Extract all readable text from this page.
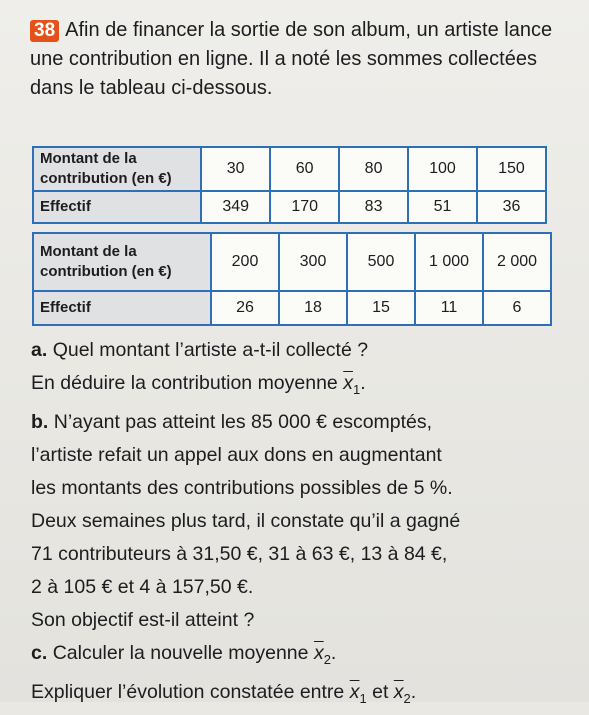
38 Afin de financer la sortie de son album, un artiste lance une contribution en ligne. Il a noté les sommes collectées dans le tableau ci-dessous.
Montant de la contribution (en €)	30	60	80	100	150
Effectif	349	170	83	51	36
Montant de la contribution (en €)	200	300	500	1 000	2 000
Effectif	26	18	15	11	6

a. Quel montant l’artiste a-t-il collecté ?

En déduire la contribution moyenne $\overline{x}_1$.

b. N’ayant pas atteint les 85 000 € escomptés,

l’artiste refait un appel aux dons en augmentant

les montants des contributions possibles de 5 %.

Deux semaines plus tard, il constate qu’il a gagné

71 contributeurs à 31,50 €, 31 à 63 €, 13 à 84 €,

2 à 105 € et 4 à 157,50 €.

Son objectif est-il atteint ?

c. Calculer la nouvelle moyenne $\overline{x}_2$.

Expliquer l’évolution constatée entre $\overline{x}_1$ et $\overline{x}_2$.
